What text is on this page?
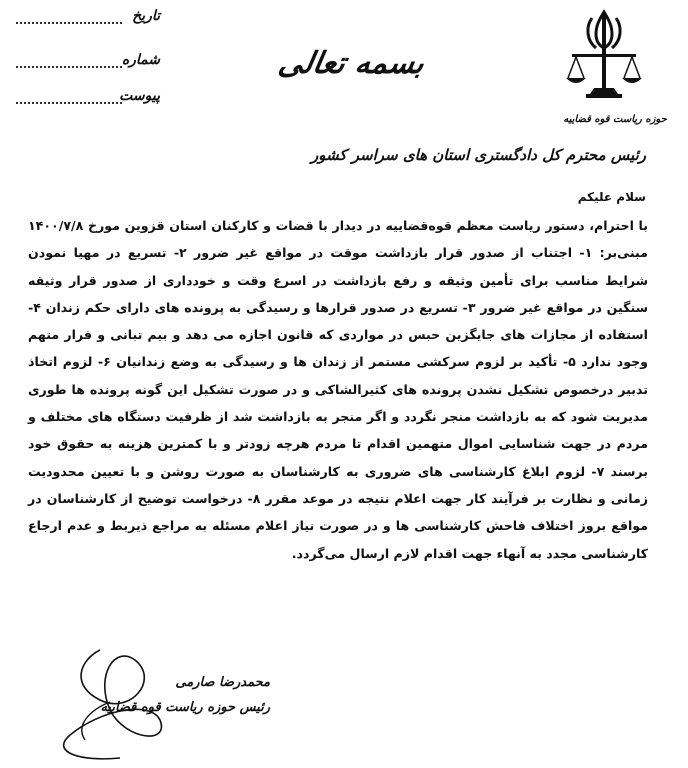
حوزه ریاست قوه قضاییه
بسمه تعالی
تاریخ
شماره
پیوست
رئیس محترم کل دادگستری استان های سراسر کشور
سلام علیکم
با احترام، دستور ریاست معظم قوه‌قضاییه در دیدار با قضات و کارکنان استان قزوین مورخ ۱۴۰۰/۷/۸ مبنی‌بر: ۱- اجتناب از صدور قرار بازداشت موقت در مواقع غیر ضرور ۲- تسریع در مهیا نمودن شرایط مناسب برای تأمین وثیقه و رفع بازداشت در اسرع وقت و خودداری از صدور قرار وثیقه سنگین در مواقع غیر ضرور ۳- تسریع در صدور قرارها و رسیدگی به پرونده های دارای حکم زندان ۴- استفاده از مجازات های جایگزین حبس در مواردی که قانون اجازه می دهد و بیم تبانی و فرار متهم وجود ندارد ۵- تأکید بر لزوم سرکشی مستمر از زندان ها و رسیدگی به وضع زندانیان ۶- لزوم اتخاذ تدبیر درخصوص تشکیل نشدن پرونده های کثیرالشاکی و در صورت تشکیل این گونه پرونده ها طوری مدیریت شود که به بازداشت منجر نگردد و اگر منجر به بازداشت شد از ظرفیت دستگاه های مختلف و مردم در جهت شناسایی اموال متهمین اقدام تا مردم هرچه زودتر و با کمترین هزینه به حقوق خود برسند ۷- لزوم ابلاغ کارشناسی های ضروری به کارشناسان به صورت روشن و با تعیین محدودیت زمانی و نظارت بر فرآیند کار جهت اعلام نتیجه در موعد مقرر ۸- درخواست توضیح از کارشناسان در مواقع بروز اختلاف فاحش کارشناسی ها و در صورت نیاز اعلام مسئله به مراجع ذیربط و عدم ارجاع کارشناسی مجدد به آنهاء جهت اقدام لازم ارسال می‌گردد.
محمدرضا صارمی
رئیس حوزه ریاست قوه قضاییه
